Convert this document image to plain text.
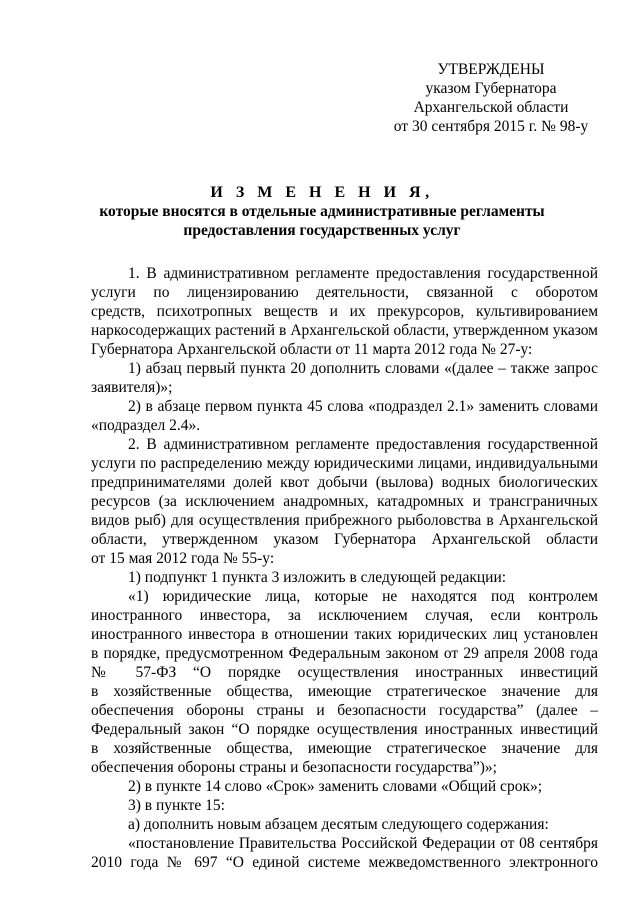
УТВЕРЖДЕНЫ
указом Губернатора
Архангельской области
от 30 сентября 2015 г. № 98-у
И З М Е Н Е Н И Я,
которые вносятся в отдельные административные регламенты
предоставления государственных услуг
1. В административном регламенте предоставления государственной
услуги по лицензированию деятельности, связанной с оборотом
средств, психотропных веществ и их прекурсоров, культивированием
наркосодержащих растений в Архангельской области, утвержденном указом
Губернатора Архангельской области от 11 марта 2012 года № 27-у:
1) абзац первый пункта 20 дополнить словами «(далее – также запрос
заявителя)»;
2) в абзаце первом пункта 45 слова «подраздел 2.1» заменить словами
«подраздел 2.4».
2. В административном регламенте предоставления государственной
услуги по распределению между юридическими лицами, индивидуальными
предпринимателями долей квот добычи (вылова) водных биологических
ресурсов (за исключением анадромных, катадромных и трансграничных
видов рыб) для осуществления прибрежного рыболовства в Архангельской
области, утвержденном указом Губернатора Архангельской области
от 15 мая 2012 года № 55-у:
1) подпункт 1 пункта 3 изложить в следующей редакции:
«1) юридические лица, которые не находятся под контролем
иностранного инвестора, за исключением случая, если контроль
иностранного инвестора в отношении таких юридических лиц установлен
в порядке, предусмотренном Федеральным законом от 29 апреля 2008 года
№ 57-ФЗ “О порядке осуществления иностранных инвестиций
в хозяйственные общества, имеющие стратегическое значение для
обеспечения обороны страны и безопасности государства” (далее –
Федеральный закон “О порядке осуществления иностранных инвестиций
в хозяйственные общества, имеющие стратегическое значение для
обеспечения обороны страны и безопасности государства”)»;
2) в пункте 14 слово «Срок» заменить словами «Общий срок»;
3) в пункте 15:
а) дополнить новым абзацем десятым следующего содержания:
«постановление Правительства Российской Федерации от 08 сентября
2010 года № 697 “О единой системе межведомственного электронного
